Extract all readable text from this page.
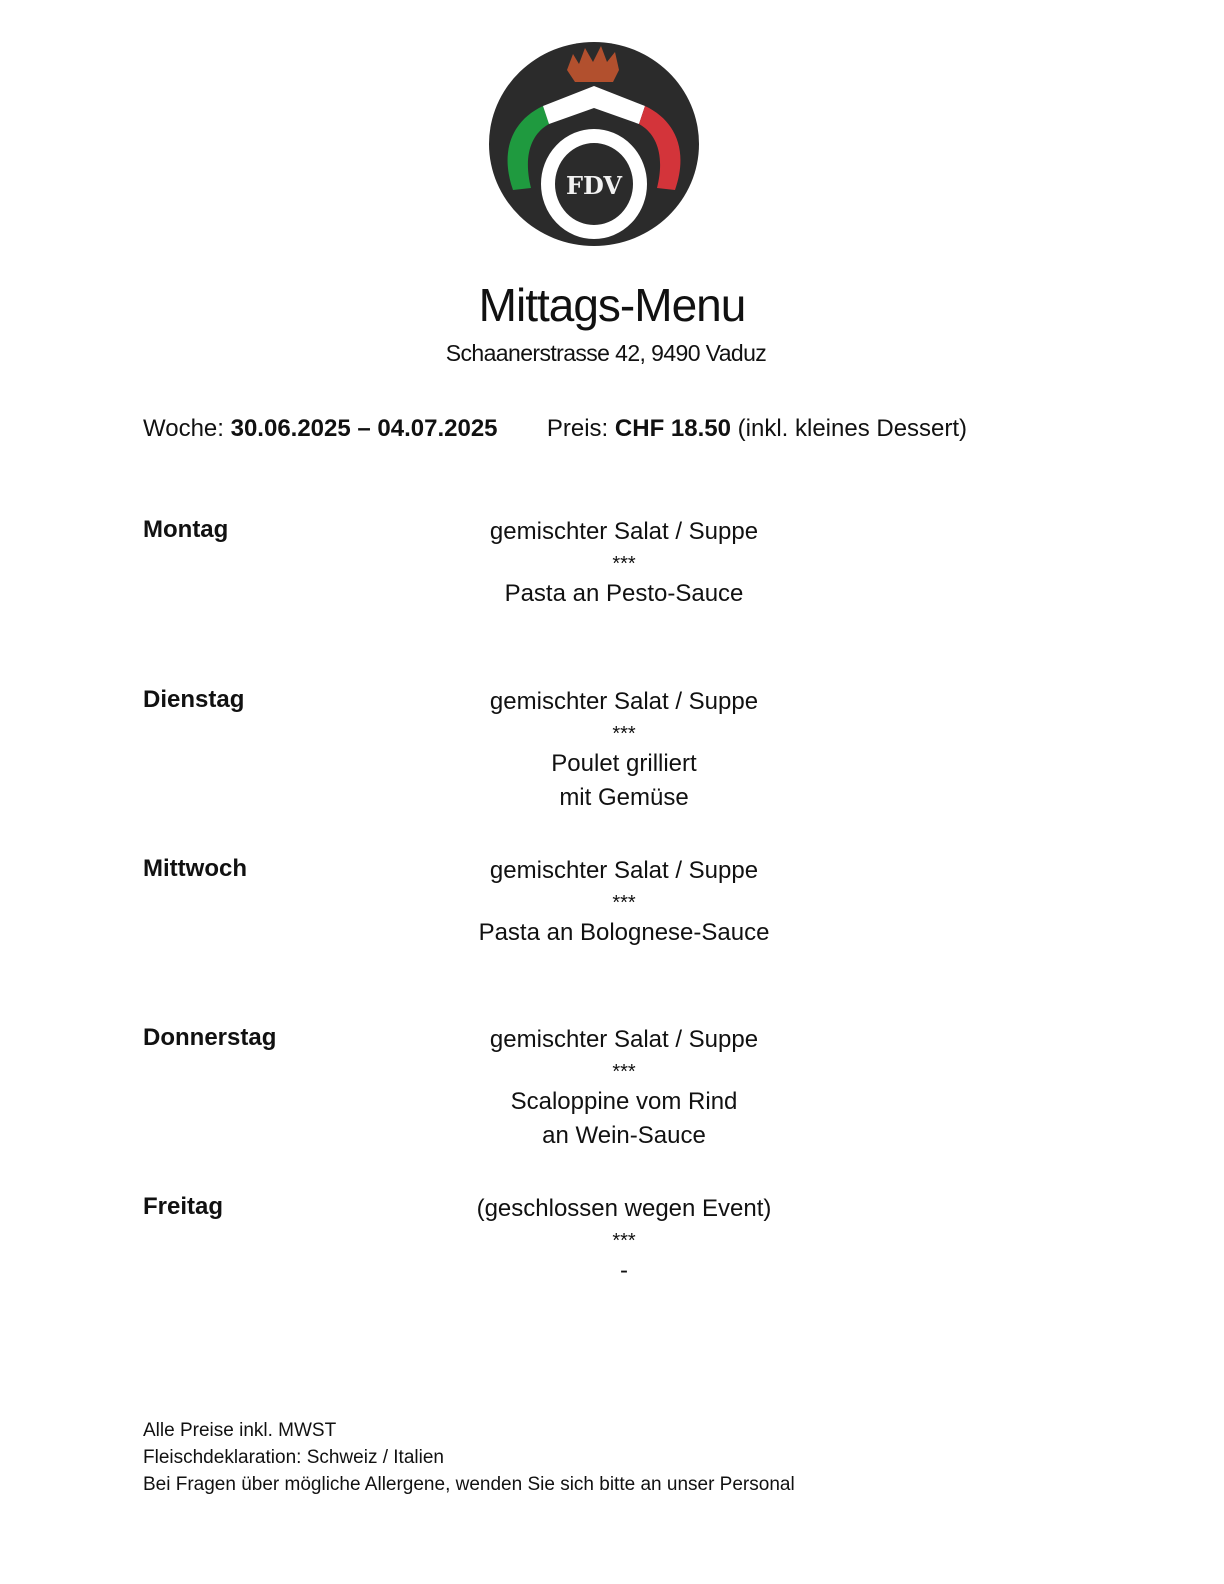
FDV
Mittags-Menu
Schaanerstrasse 42, 9490 Vaduz
Woche: 30.06.2025 – 04.07.2025 Preis: CHF 18.50 (inkl. kleines Dessert)
Montag	gemischter Salat / Suppe
***
Pasta an Pesto-Sauce
Dienstag	gemischter Salat / Suppe
***
Poulet grilliert
mit Gemüse
Mittwoch	gemischter Salat / Suppe
***
Pasta an Bolognese-Sauce
Donnerstag	gemischter Salat / Suppe
***
Scaloppine vom Rind
an Wein-Sauce
Freitag	(geschlossen wegen Event)
***
-
Alle Preise inkl. MWST
Fleischdeklaration: Schweiz / Italien
Bei Fragen über mögliche Allergene, wenden Sie sich bitte an unser Personal
